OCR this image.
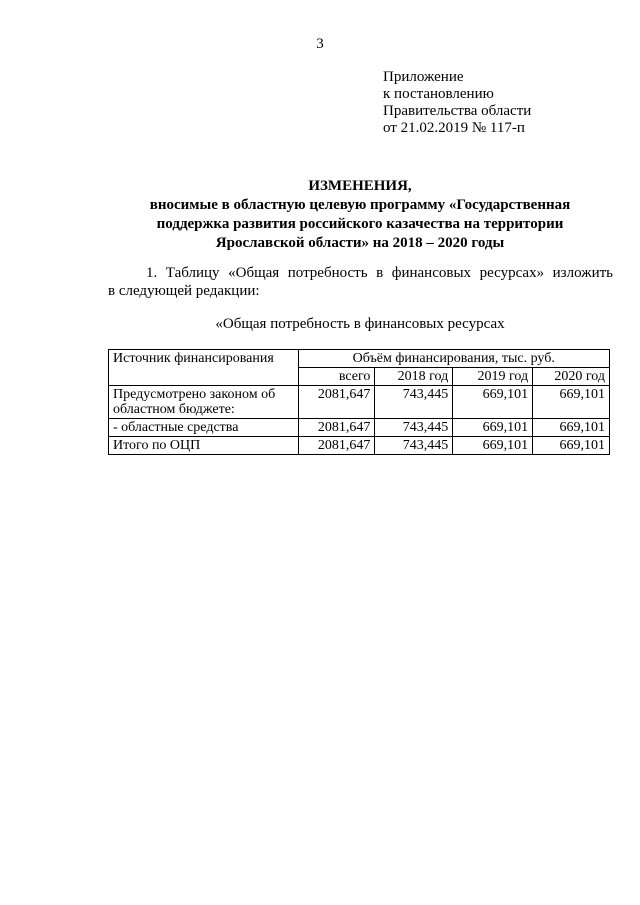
3
Приложение
к постановлению
Правительства области
от 21.02.2019 № 117-п
ИЗМЕНЕНИЯ,
вносимые в областную целевую программу «Государственная
поддержка развития российского казачества на территории
Ярославской области» на 2018 – 2020 годы
1. Таблицу «Общая потребность в финансовых ресурсах» изложить
в следующей редакции:
«Общая потребность в финансовых ресурсах
Источник финансирования	Объём финансирования, тыс. руб.			
	всего	2018 год	2019 год	2020 год
Предусмотрено законом об областном бюджете:	2081,647	743,445	669,101	669,101
- областные средства	2081,647	743,445	669,101	669,101
Итого по ОЦП	2081,647	743,445	669,101	669,101
